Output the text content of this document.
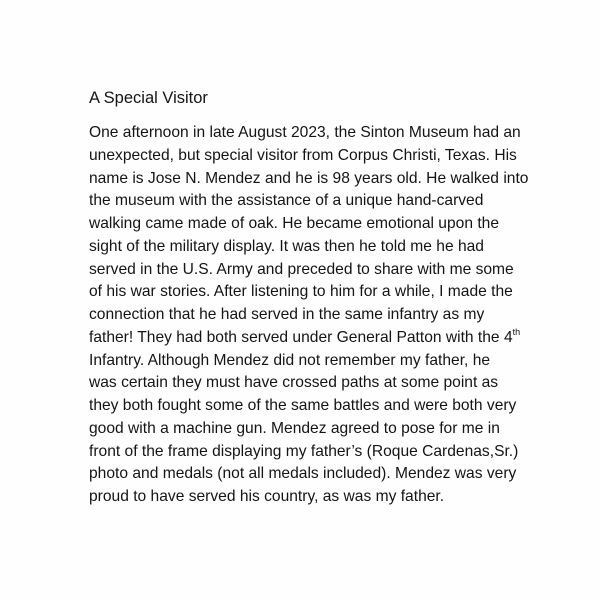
A Special Visitor
One afternoon in late August 2023, the Sinton Museum had an
unexpected, but special visitor from Corpus Christi, Texas. His
name is Jose N. Mendez and he is 98 years old. He walked into
the museum with the assistance of a unique hand-carved
walking came made of oak. He became emotional upon the
sight of the military display. It was then he told me he had
served in the U.S. Army and preceded to share with me some
of his war stories. After listening to him for a while, I made the
connection that he had served in the same infantry as my
father! They had both served under General Patton with the 4th
Infantry. Although Mendez did not remember my father, he
was certain they must have crossed paths at some point as
they both fought some of the same battles and were both very
good with a machine gun. Mendez agreed to pose for me in
front of the frame displaying my father’s (Roque Cardenas,Sr.)
photo and medals (not all medals included). Mendez was very
proud to have served his country, as was my father.
